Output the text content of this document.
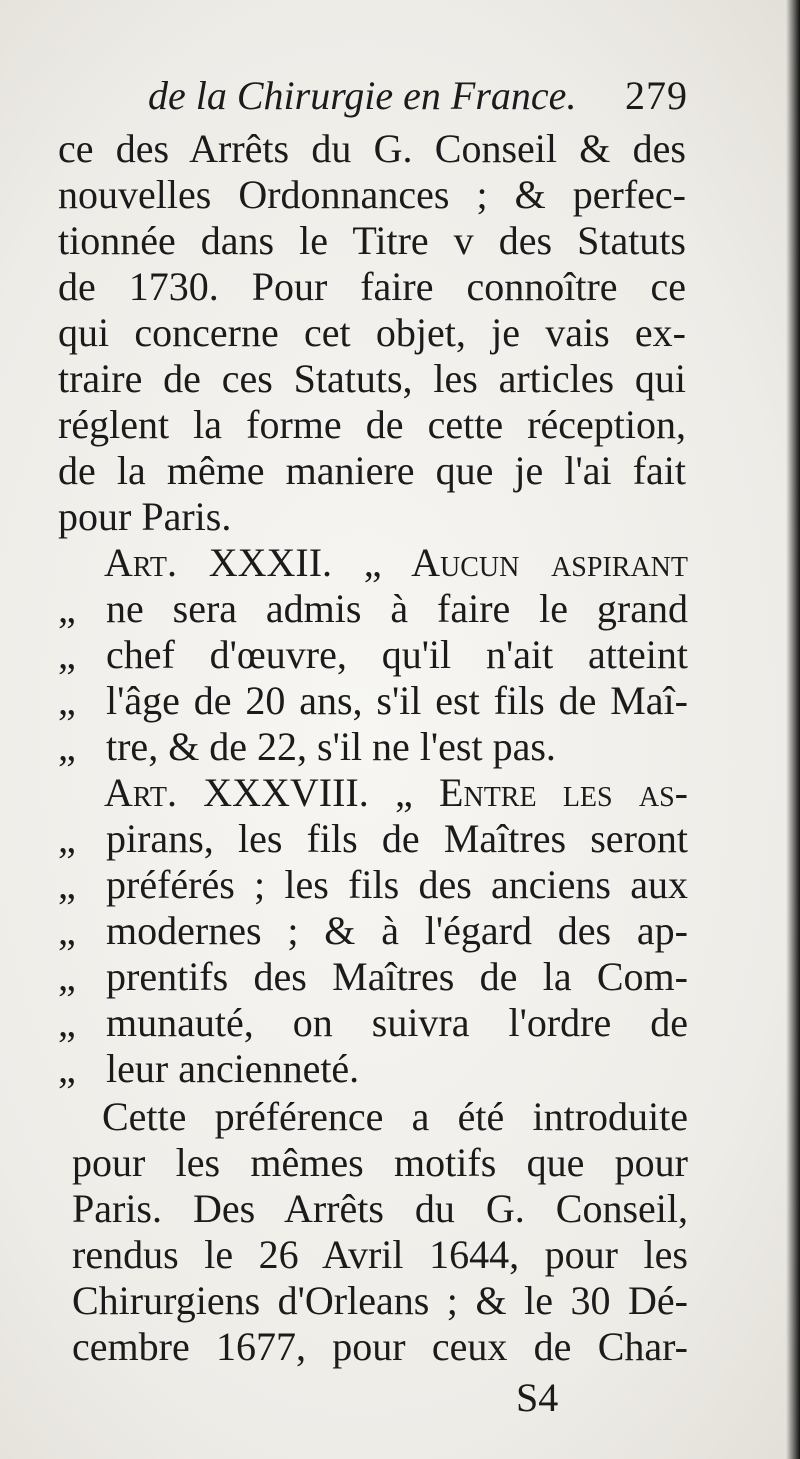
de la Chirurgie en France. 279
ce des Arrêts du G. Conseil & des
nouvelles Ordonnances ; & perfec-
tionnée dans le Titre v des Statuts
de 1730. Pour faire connoître ce
qui concerne cet objet, je vais ex-
traire de ces Statuts, les articles qui
réglent la forme de cette réception,
de la même maniere que je l'ai fait
pour Paris.
Art. XXXII. „ Aucun aspirant
„ ne sera admis à faire le grand
„ chef d'œuvre, qu'il n'ait atteint
„ l'âge de 20 ans, s'il est fils de Maî-
„ tre, & de 22, s'il ne l'est pas.
Art. XXXVIII. „ Entre les as-
„ pirans, les fils de Maîtres seront
„ préférés ; les fils des anciens aux
„ modernes ; & à l'égard des ap-
„ prentifs des Maîtres de la Com-
„ munauté, on suivra l'ordre de
„ leur ancienneté.
Cette préférence a été introduite
pour les mêmes motifs que pour
Paris. Des Arrêts du G. Conseil,
rendus le 26 Avril 1644, pour les
Chirurgiens d'Orleans ; & le 30 Dé-
cembre 1677, pour ceux de Char-
S4
